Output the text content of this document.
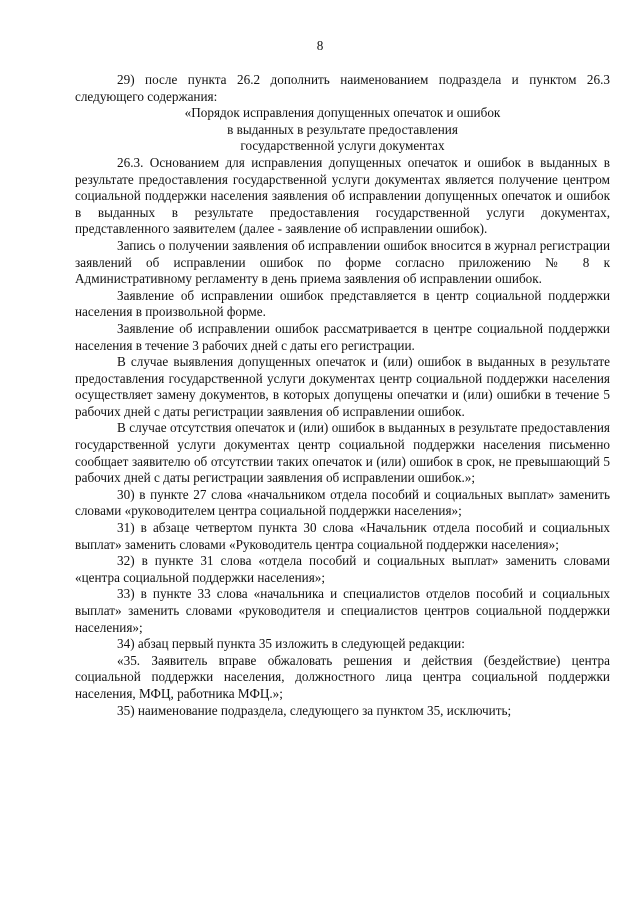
8

29) после пункта 26.2 дополнить наименованием подраздела и пунктом 26.3 следующего содержания:

«Порядок исправления допущенных опечаток и ошибок
в выданных в результате предоставления
государственной услуги документах

26.3. Основанием для исправления допущенных опечаток и ошибок в выданных в результате предоставления государственной услуги документах является получение центром социальной поддержки населения заявления об исправлении допущенных опечаток и ошибок в выданных в результате предоставления государственной услуги документах, представленного заявителем (далее - заявление об исправлении ошибок).

Запись о получении заявления об исправлении ошибок вносится в журнал регистрации заявлений об исправлении ошибок по форме согласно приложению № 8 к Административному регламенту в день приема заявления об исправлении ошибок.

Заявление об исправлении ошибок представляется в центр социальной поддержки населения в произвольной форме.

Заявление об исправлении ошибок рассматривается в центре социальной поддержки населения в течение 3 рабочих дней с даты его регистрации.

В случае выявления допущенных опечаток и (или) ошибок в выданных в результате предоставления государственной услуги документах центр социальной поддержки населения осуществляет замену документов, в которых допущены опечатки и (или) ошибки в течение 5 рабочих дней с даты регистрации заявления об исправлении ошибок.

В случае отсутствия опечаток и (или) ошибок в выданных в результате предоставления государственной услуги документах центр социальной поддержки населения письменно сообщает заявителю об отсутствии таких опечаток и (или) ошибок в срок, не превышающий 5 рабочих дней с даты регистрации заявления об исправлении ошибок.»;

30) в пункте 27 слова «начальником отдела пособий и социальных выплат» заменить словами «руководителем центра социальной поддержки населения»;

31) в абзаце четвертом пункта 30 слова «Начальник отдела пособий и социальных выплат» заменить словами «Руководитель центра социальной поддержки населения»;

32) в пункте 31 слова «отдела пособий и социальных выплат» заменить словами «центра социальной поддержки населения»;

33) в пункте 33 слова «начальника и специалистов отделов пособий и социальных выплат» заменить словами «руководителя и специалистов центров социальной поддержки населения»;

34) абзац первый пункта 35 изложить в следующей редакции:

«35. Заявитель вправе обжаловать решения и действия (бездействие) центра социальной поддержки населения, должностного лица центра социальной поддержки населения, МФЦ, работника МФЦ.»;

35) наименование подраздела, следующего за пунктом 35, исключить;
